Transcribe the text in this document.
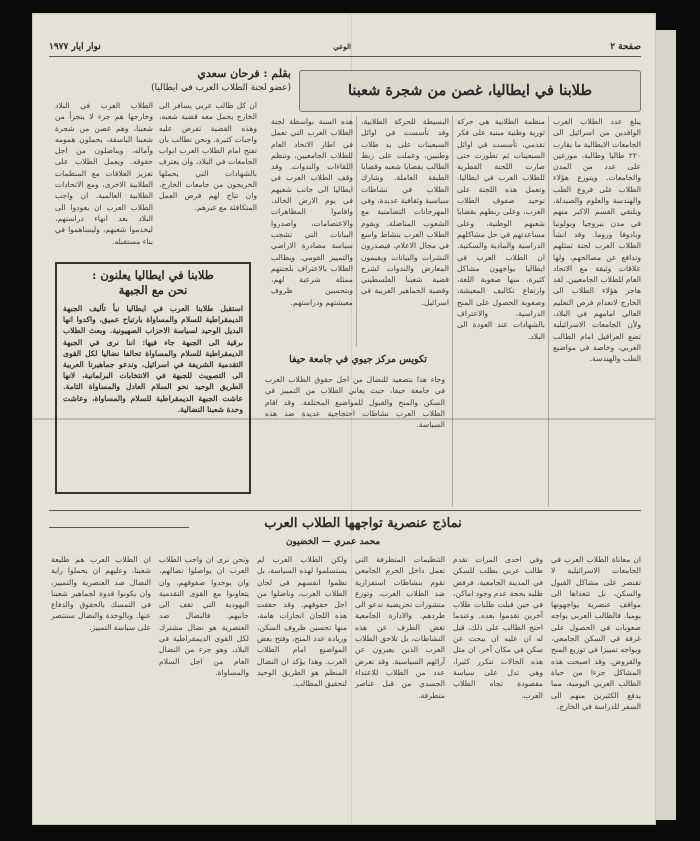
صفحة ٢
الوعي
نوار ايار ١٩٧٧
طلابنا في ايطاليا، غصن من شجرة شعبنا
بقلم : فرحان سعدي
(عضو لجنة الطلاب العرب في ايطاليا)
يبلغ عدد الطلاب العرب الوافدين من اسرائيل الى الجامعات الايطالية ما يقارب ٢٢٠ طالبا وطالبة، موزعين على عدد من المدن والجامعات. ويتوزع هؤلاء الطلاب على فروع الطب والهندسة والعلوم والصيدلة، ويلتقي القسم الاكبر منهم في مدن بيروجيا وبولونيا وبادوفا وروما. وقد انشأ الطلاب العرب لجنة تمثلهم وتدافع عن مصالحهم، ولها علاقات وثيقة مع الاتحاد العام للطلاب الجامعيين. لقد هاجر هؤلاء الطلاب الى الخارج لانعدام فرص التعليم العالي امامهم في البلاد، ولأن الجامعات الاسرائيلية تضع العراقيل امام الطالب العربي، وخاصة في مواضيع الطب والهندسة.
منظمة الطلابية هي حركة ثورية وطنية مبنية على فكر تقدمي، تأسست في اوائل السبعينات ثم تطورت حتى صارت اللجنة القطرية للطلاب العرب في ايطاليا. وتعمل هذه اللجنة على توحيد صفوف الطلاب العرب، وعلى ربطهم بقضايا شعبهم الوطنية، وعلى مساعدتهم في حل مشاكلهم الدراسية والمادية والسكنية. ان الطلاب العرب في ايطاليا يواجهون مشاكل كثيرة، منها صعوبة اللغة، وارتفاع تكاليف المعيشة، وصعوبة الحصول على المنح الدراسية، والاعتراف بالشهادات عند العودة الى البلاد.
البسيطة للحركة الطلابية، وقد تأسست في اوائل السبعينات على يد طلاب وطنيين، وعملت على ربط الطالب بقضايا شعبه وقضايا الطبقة العاملة. وشارك الطلاب في نشاطات سياسية وثقافية عديدة، وفي المهرجانات التضامنية مع الشعوب المناضلة. ويقوم الطلاب العرب بنشاط واسع في مجال الاعلام، فيصدرون النشرات والبيانات ويقيمون المعارض والندوات لشرح قضية شعبنا الفلسطيني وقضية الجماهير العربية في اسرائيل.
هذه السنة بواسطة لجنة الطلاب العرب التي تعمل في اطار الاتحاد العام للطلاب الجامعيين، وتنظم اللقاءات والندوات. وقد وقف الطلاب العرب في ايطاليا الى جانب شعبهم في يوم الارض الخالد، واقاموا المظاهرات والاعتصامات، واصدروا البيانات التي تشجب سياسة مصادرة الاراضي والتمييز القومي. ويطالب الطلاب بالاعتراف بلجنتهم ممثلة شرعية لهم، وبتحسين ظروف معيشتهم ودراستهم.
الطلاب العرب في البلاد وخارجها هم جزء لا يتجزأ من شعبنا، وهم غصن من شجرة شعبنا الباسقة، يحملون همومه وآماله، ويناضلون من اجل حقوقه. ويعمل الطلاب على تعزيز العلاقات مع المنظمات الطلابية الاخرى، ومع الاتحادات الطلابية العالمية. ان واجب الطلاب العرب ان يعودوا الى البلاد بعد انهاء دراستهم، ليخدموا شعبهم، وليساهموا في بناء مستقبله.
ان كل طالب عربي يسافر الى الخارج يحمل معه قضية شعبه، وهذه القضية تفرض عليه واجبات كثيرة. ونحن نطالب بان تفتح امام الطلاب العرب ابواب الجامعات في البلاد، وان يعترف بالشهادات التي يحملها الخريجون من جامعات الخارج، وان تتاح لهم فرص العمل المتكافئة مع غيرهم.
طلابنا في ايطاليا يعلنون :
نحن مع الجبهة
استقبل طلابنا العرب في ايطاليا نبأ تأليف الجبهة الديمقراطية للسلام والمساواة بارتياح عميق، واكدوا انها البديل الوحيد لسياسة الاحزاب الصهيونية. وبعث الطلاب برقية الى الجبهة جاء فيها: اننا نرى في الجبهة الديمقراطية للسلام والمساواة تحالفا نضاليا لكل القوى التقدمية الشريفة في اسرائيل، وندعو جماهيرنا العربية الى التصويت للجبهة في الانتخابات البرلمانية، لانها الطريق الوحيد نحو السلام العادل والمساواة التامة. عاشت الجبهة الديمقراطية للسلام والمساواة، وعاشت وحدة شعبنا النضالية.
تكويس مركز جيوي في جامعة حيفا
وجاء هذا بتصعيد للنضال من اجل حقوق الطلاب العرب في جامعة حيفا، حيث يعاني الطلاب من التمييز في السكن والمنح والقبول للمواضيع المختلفة. وقد اقام الطلاب العرب نشاطات احتجاجية عديدة ضد هذه السياسة.
نماذج عنصرية تواجهها الطلاب العرب
محمد عمري — الخضيون
ان معاناة الطلاب العرب في الجامعات الاسرائيلية لا تقتصر على مشاكل القبول والسكن، بل تتعداها الى مواقف عنصرية يواجهونها يوميا. فالطالب العربي يواجه صعوبات في الحصول على غرفة في السكن الجامعي، ويواجه تمييزا في توزيع المنح والقروض. وقد اصبحت هذه المشاكل جزءا من حياة الطالب العربي اليومية، مما يدفع الكثيرين منهم الى السفر للدراسة في الخارج.
وفي احدى المرات تقدم طالب عربي بطلب للسكن في المدينة الجامعية، فرفض طلبه بحجة عدم وجود اماكن، في حين قبلت طلبات طلاب آخرين تقدموا بعده. وعندما احتج الطالب على ذلك، قيل له ان عليه ان يبحث عن سكن في مكان آخر. ان مثل هذه الحالات تتكرر كثيرا، وهي تدل على سياسة مقصودة تجاه الطلاب العرب.
التنظيمات المتطرفة التي تعمل داخل الحرم الجامعي تقوم بنشاطات استفزازية ضد الطلاب العرب، وتوزع منشورات تحريضية تدعو الى طردهم. والادارة الجامعية تغض الطرف عن هذه النشاطات، بل تلاحق الطلاب العرب الذين يعبرون عن آرائهم السياسية. وقد تعرض عدد من الطلاب للاعتداء الجسدي من قبل عناصر متطرفة.
ولكن الطلاب العرب لم يستسلموا لهذه السياسة، بل نظموا انفسهم في لجان الطلاب العرب، وناضلوا من اجل حقوقهم. وقد حققت هذه اللجان انجازات هامة، منها تحسين ظروف السكن، وزيادة عدد المنح، وفتح بعض المواضيع امام الطلاب العرب. وهذا يؤكد ان النضال المنظم هو الطريق الوحيد لتحقيق المطالب.
ونحن نرى ان واجب الطلاب العرب ان يواصلوا نضالهم، وان يوحدوا صفوفهم، وان يتعاونوا مع القوى التقدمية اليهودية التي تقف الى جانبهم. فالنضال ضد العنصرية هو نضال مشترك لكل القوى الديمقراطية في البلاد، وهو جزء من النضال العام من اجل السلام والمساواة.
ان الطلاب العرب هم طليعة شعبنا، وعليهم ان يحملوا راية النضال ضد العنصرية والتمييز، وان يكونوا قدوة لجماهير شعبنا في التمسك بالحقوق والدفاع عنها. وبالوحدة والنضال سننتصر على سياسة التمييز.
